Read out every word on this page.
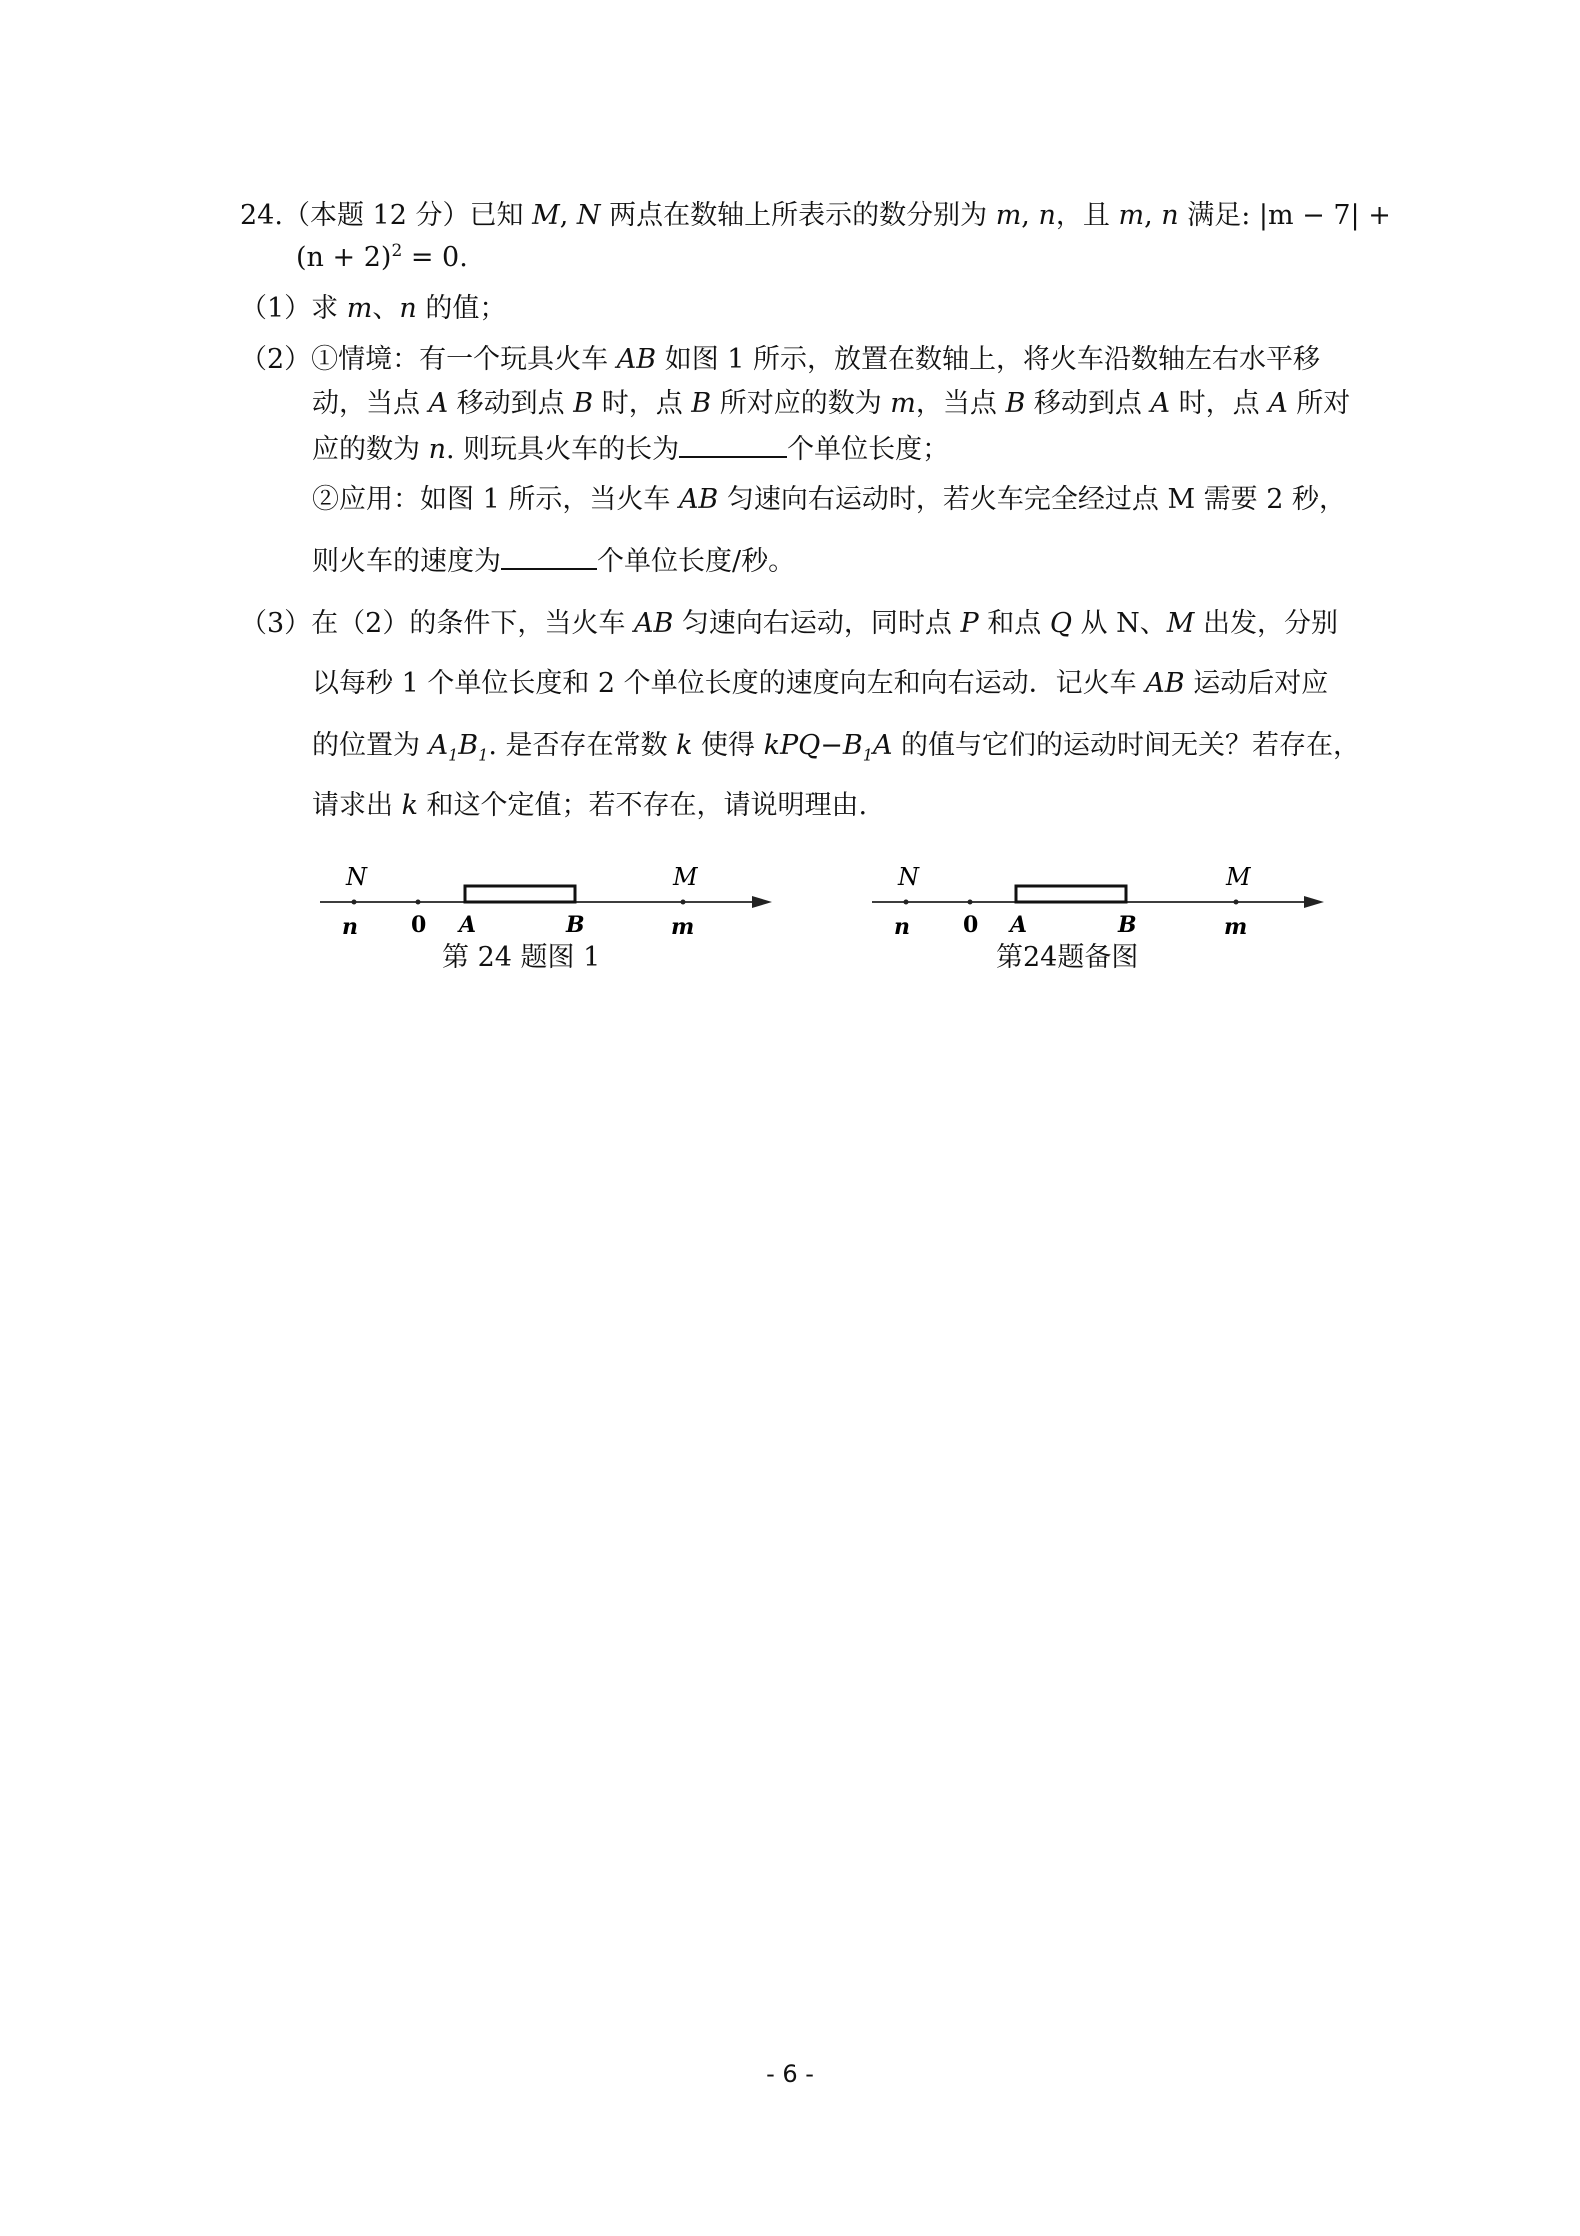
24.（本题 12 分）已知 M, N 两点在数轴上所表示的数分别为 m, n，且 m, n 满足: |m − 7| +
$(n + 2)^2 = 0$.
（1）求 m、n 的值；
（2）①情境：有一个玩具火车 AB 如图 1 所示，放置在数轴上，将火车沿数轴左右水平移
动，当点 A 移动到点 B 时，点 B 所对应的数为 m，当点 B 移动到点 A 时，点 A 所对
应的数为 n. 则玩具火车的长为	个单位长度；
②应用：如图 1 所示，当火车 AB 匀速向右运动时，若火车完全经过点 M 需要 2 秒，
则火车的速度为	个单位长度/秒。
（3）在（2）的条件下，当火车 AB 匀速向右运动，同时点 P 和点 Q 从 N、M 出发，分别
以每秒 1 个单位长度和 2 个单位长度的速度向左和向右运动．记火车 AB 运动后对应
的位置为 $A_1B_1$. 是否存在常数 k 使得 $kPQ-B_1A$ 的值与它们的运动时间无关？若存在，
请求出 k 和这个定值；若不存在，请说明理由.
N	M
n 0 A	B	m
第 24 题图 1
N	M
n 0 A	B	m
第24题备图
- 6 -
